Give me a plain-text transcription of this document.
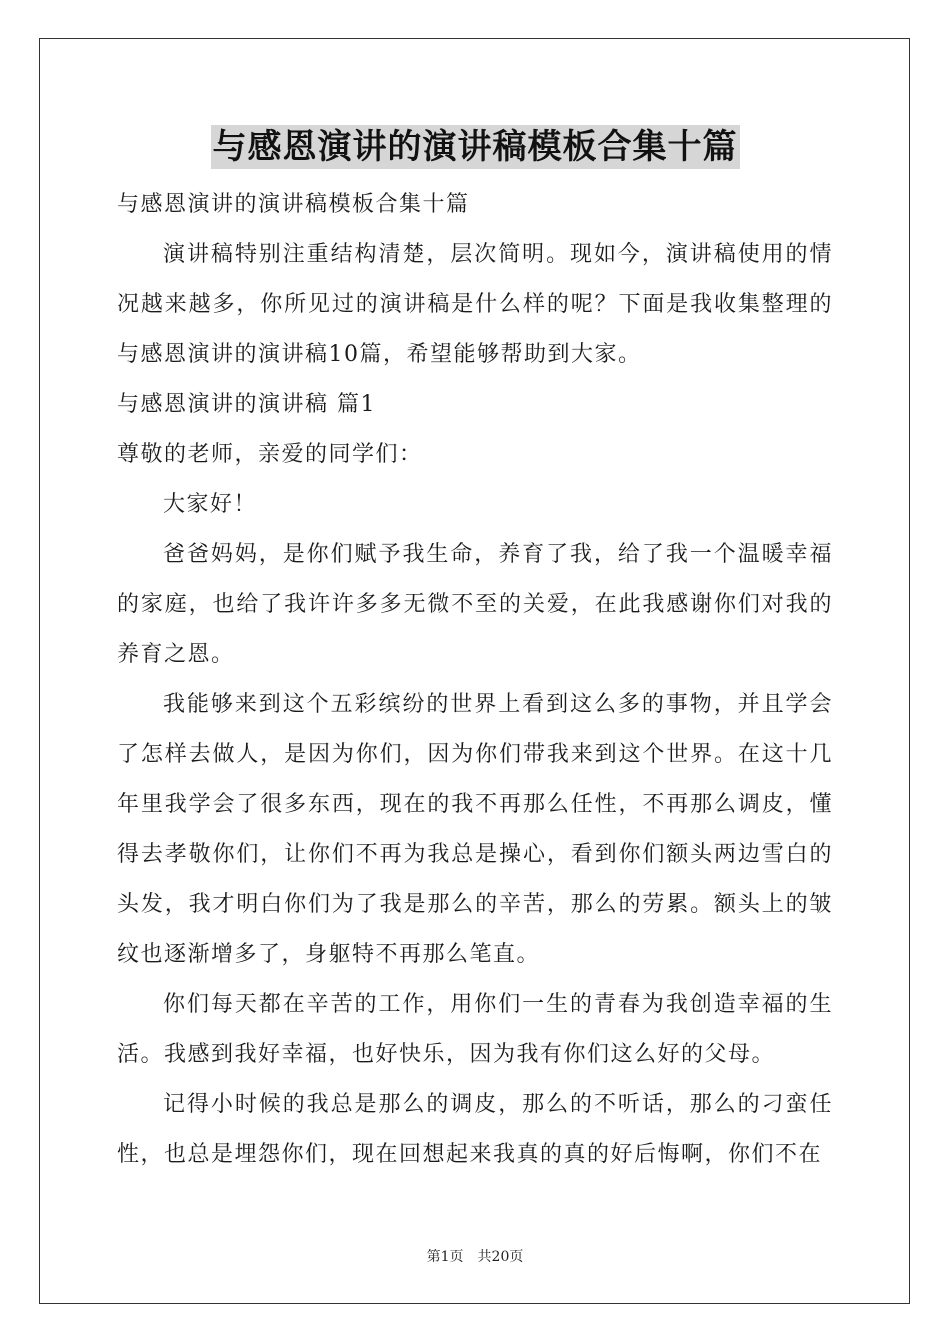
与感恩演讲的演讲稿模板合集十篇

与感恩演讲的演讲稿模板合集十篇

演讲稿特别注重结构清楚，层次简明。现如今，演讲稿使用的情况越来越多，你所见过的演讲稿是什么样的呢？下面是我收集整理的与感恩演讲的演讲稿10篇，希望能够帮助到大家。

与感恩演讲的演讲稿 篇1

尊敬的老师，亲爱的同学们：

大家好！

爸爸妈妈，是你们赋予我生命，养育了我，给了我一个温暖幸福的家庭，也给了我许许多多无微不至的关爱，在此我感谢你们对我的养育之恩。

我能够来到这个五彩缤纷的世界上看到这么多的事物，并且学会了怎样去做人，是因为你们，因为你们带我来到这个世界。在这十几年里我学会了很多东西，现在的我不再那么任性，不再那么调皮，懂得去孝敬你们，让你们不再为我总是操心，看到你们额头两边雪白的头发，我才明白你们为了我是那么的辛苦，那么的劳累。额头上的皱纹也逐渐增多了，身躯特不再那么笔直。

你们每天都在辛苦的工作，用你们一生的青春为我创造幸福的生活。我感到我好幸福，也好快乐，因为我有你们这么好的父母。

记得小时候的我总是那么的调皮，那么的不听话，那么的刁蛮任性，也总是埋怨你们，现在回想起来我真的真的好后悔啊，你们不在

第1页 共20页
